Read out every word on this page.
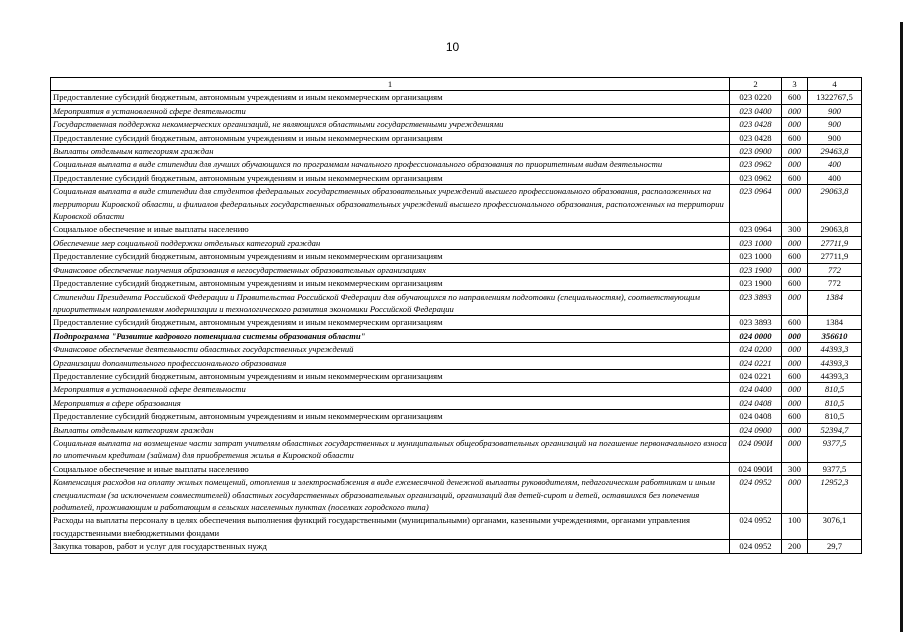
10
1	2	3	4
Предоставление субсидий бюджетным, автономным учреждениям и иным некоммерческим организациям	023 0220	600	1322767,5
Мероприятия в установленной сфере деятельности	023 0400	000	900
Государственная поддержка некоммерческих организаций, не являющихся областными государственными учреждениями	023 0428	000	900
Предоставление субсидий бюджетным, автономным учреждениям и иным некоммерческим организациям	023 0428	600	900
Выплаты отдельным категориям граждан	023 0900	000	29463,8
Социальная выплата в виде стипендии для лучших обучающихся по программам начального профессионального образования по приоритетным видам деятельности	023 0962	000	400
Предоставление субсидий бюджетным, автономным учреждениям и иным некоммерческим организациям	023 0962	600	400
Социальная выплата в виде стипендии для студентов федеральных государственных образовательных учреждений высшего профессионального образования, расположенных на территории Кировской области, и филиалов федеральных государственных образовательных учреждений высшего профессионального образования, расположенных на территории Кировской области	023 0964	000	29063,8
Социальное обеспечение и иные выплаты населению	023 0964	300	29063,8
Обеспечение мер социальной поддержки отдельных категорий граждан	023 1000	000	27711,9
Предоставление субсидий бюджетным, автономным учреждениям и иным некоммерческим организациям	023 1000	600	27711,9
Финансовое обеспечение получения образования в негосударственных образовательных организациях	023 1900	000	772
Предоставление субсидий бюджетным, автономным учреждениям и иным некоммерческим организациям	023 1900	600	772
Стипендии Президента Российской Федерации и Правительства Российской Федерации для обучающихся по направлениям подготовки (специальностям), соответствующим приоритетным направлениям модернизации и технологического развития экономики Российской Федерации	023 3893	000	1384
Предоставление субсидий бюджетным, автономным учреждениям и иным некоммерческим организациям	023 3893	600	1384
Подпрограмма "Развитие кадрового потенциала системы образования области"	024 0000	000	356610
Финансовое обеспечение деятельности областных государственных учреждений	024 0200	000	44393,3
Организации дополнительного профессионального образования	024 0221	000	44393,3
Предоставление субсидий бюджетным, автономным учреждениям и иным некоммерческим организациям	024 0221	600	44393,3
Мероприятия в установленной сфере деятельности	024 0400	000	810,5
Мероприятия в сфере образования	024 0408	000	810,5
Предоставление субсидий бюджетным, автономным учреждениям и иным некоммерческим организациям	024 0408	600	810,5
Выплаты отдельным категориям граждан	024 0900	000	52394,7
Социальная выплата на возмещение части затрат учителям областных государственных и муниципальных общеобразовательных организаций на погашение первоначального взноса по ипотечным кредитам (займам) для приобретения жилья в Кировской области	024 090И	000	9377,5
Социальное обеспечение и иные выплаты населению	024 090И	300	9377,5
Компенсация расходов на оплату жилых помещений, отопления и электроснабжения в виде ежемесячной денежной выплаты руководителям, педагогическим работникам и иным специалистам (за исключением совместителей) областных государственных образовательных организаций, организаций для детей-сирот и детей, оставшихся без попечения родителей, проживающим и работающим в сельских населенных пунктах (поселках городского типа)	024 0952	000	12952,3
Расходы на выплаты персоналу в целях обеспечения выполнения функций государственными (муниципальными) органами, казенными учреждениями, органами управления государственными внебюджетными фондами	024 0952	100	3076,1
Закупка товаров, работ и услуг для государственных нужд	024 0952	200	29,7
